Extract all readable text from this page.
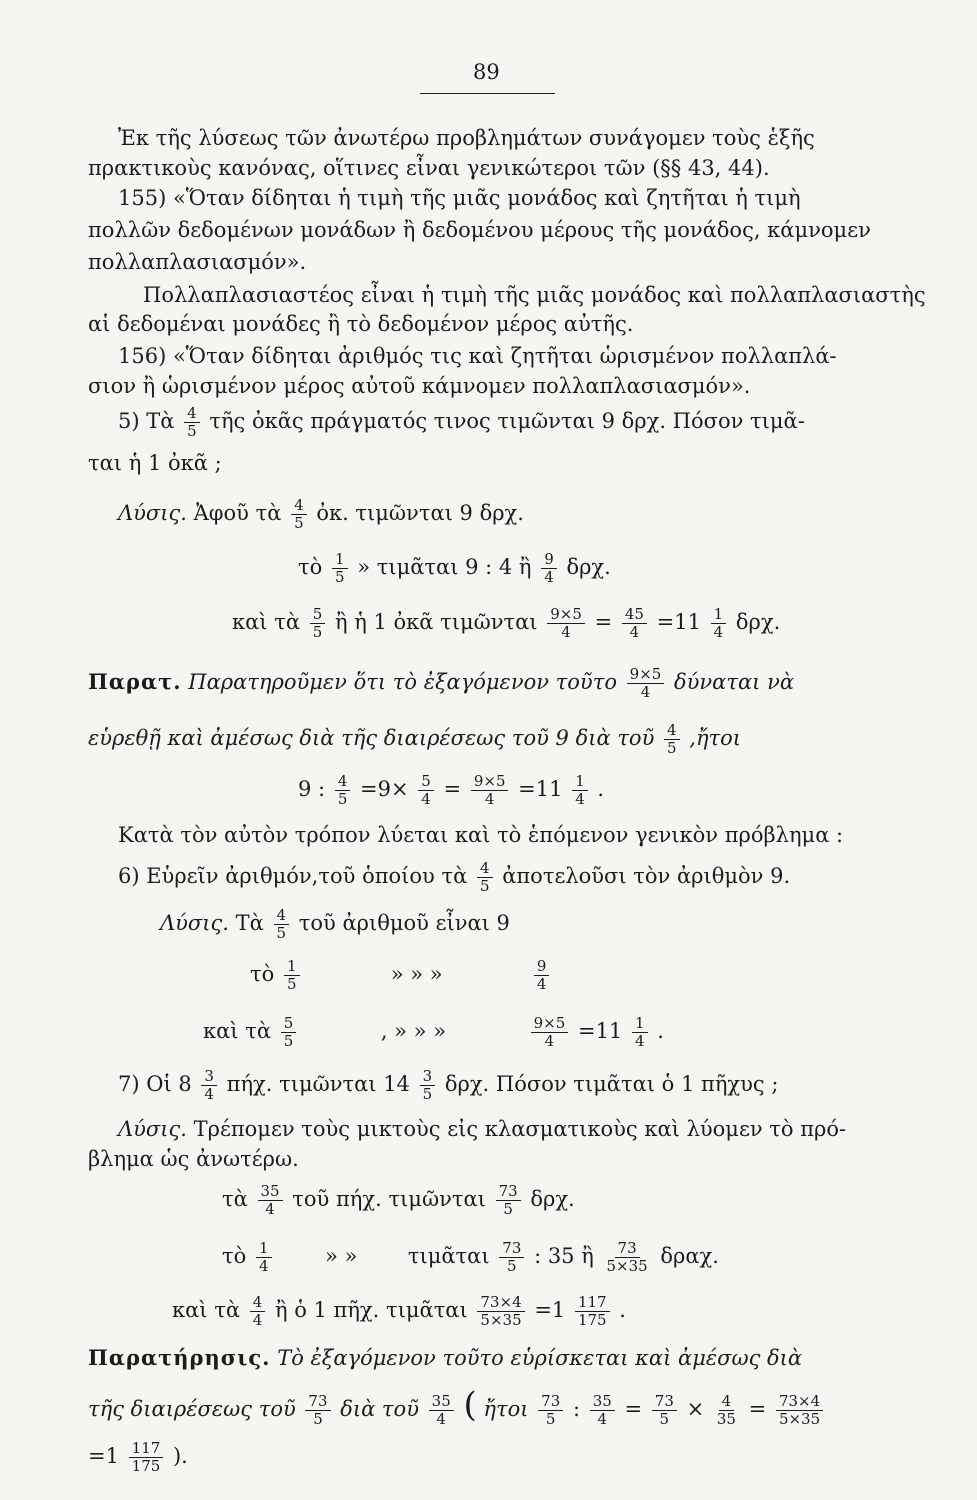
89
Ἐκ τῆς λύσεως τῶν ἀνωτέρω προβλημάτων συνάγομεν τοὺς ἑξῆς
πρακτικοὺς κανόνας, οἵτινες εἶναι γενικώτεροι τῶν (§§ 43, 44).
155) «Ὅταν δίδηται ἡ τιμὴ τῆς μιᾶς μονάδος καὶ ζητῆται ἡ τιμὴ
πολλῶν δεδομένων μονάδων ἢ δεδομένου μέρους τῆς μονάδος, κάμνομεν
πολλαπλασιασμόν».
Πολλαπλασιαστέος εἶναι ἡ τιμὴ τῆς μιᾶς μονάδος καὶ πολλαπλασιαστὴς
αἱ δεδομέναι μονάδες ἢ τὸ δεδομένον μέρος αὐτῆς.
156) «Ὅταν δίδηται ἀριθμός τις καὶ ζητῆται ὡρισμένον πολλαπλά-
σιον ἢ ὡρισμένον μέρος αὐτοῦ κάμνομεν πολλαπλασιασμόν».
5) Τὰ $\frac{4}{5}$ τῆς ὀκᾶς πράγματός τινος τιμῶνται 9 δρχ. Πόσον τιμᾶ-
ται ἡ 1 ὀκᾶ ;
Λύσις. Ἀφοῦ τὰ $\frac{4}{5}$ ὀκ. τιμῶνται 9 δρχ.
τὸ $\frac{1}{5}$ » τιμᾶται 9 : 4 ἢ $\frac{9}{4} \delta\rho\chi$.
καὶ τὰ $\frac{5}{5}$ ἢ ἡ 1 ὀκᾶ τιμῶνται $\frac{9\times 5}{4} = \frac{45}{4} =11 \frac{1}{4} \delta\rho\chi$.
Παρατ. Παρατηροῦμεν ὅτι τὸ ἐξαγόμενον τοῦτο $\frac{9\times 5}{4}$ δύναται νὰ
εὑρεθῇ καὶ ἀμέσως διὰ τῆς διαιρέσεως τοῦ 9 διὰ τοῦ $\frac{4}{5}$ ,ἤτοι
9 : $\frac{4}{5} =9\times \frac{5}{4} = \frac{9\times 5}{4} =11 \frac{1}{4}$ .
Κατὰ τὸν αὐτὸν τρόπον λύεται καὶ τὸ ἑπόμενον γενικὸν πρόβλημα :
6) Εὑρεῖν ἀριθμόν,τοῦ ὁποίου τὰ $\frac{4}{5}$ ἀποτελοῦσι τὸν ἀριθμὸν 9.
Λύσις. Τὰ $\frac{4}{5}$ τοῦ ἀριθμοῦ εἶναι 9
τὸ $\frac{1}{5}$	» » »	$\frac{9}{4}$
καὶ τὰ $\frac{5}{5}$	, » » »	$\frac{9\times 5}{4} =11 \frac{1}{4}$ .
7) Οἱ $8 \frac{3}{4} \pi ή\chi$. τιμῶνται $14 \frac{3}{5} \delta\rho\chi$. Πόσον τιμᾶται ὁ 1 πῆχυς ;
Λύσις. Τρέπομεν τοὺς μικτοὺς εἰς κλασματικοὺς καὶ λύομεν τὸ πρό-
βλημα ὡς ἀνωτέρω.
τὰ $\frac{35}{4}$ τοῦ πήχ. τιμῶνται $\frac{73}{5} \delta\rho\chi$.
τὸ $\frac{1}{4}$	» » τιμᾶται $\frac{73}{5}$ : 35 ἢ $\frac{73}{5\times 35} \delta\rho\alpha\chi$.
καὶ τὰ $\frac{4}{4}$ ἢ ὁ 1 πῆχ. τιμᾶται $\frac{73\times 4}{5\times 35} =1 \frac{117}{175}$ .
Παρατήρησις. Τὸ ἐξαγόμενον τοῦτο εὑρίσκεται καὶ ἀμέσως διὰ
τῆς διαιρέσεως τοῦ $\frac{73}{5}$ διὰ τοῦ $\frac{35}{4}$ ( ἤτοι $\frac{73}{5}$ : $\frac{35}{4} = \frac{73}{5} \times \frac{4}{35} = \frac{73\times 4}{5\times 35}$
$=1 \frac{117}{175}$ ).
